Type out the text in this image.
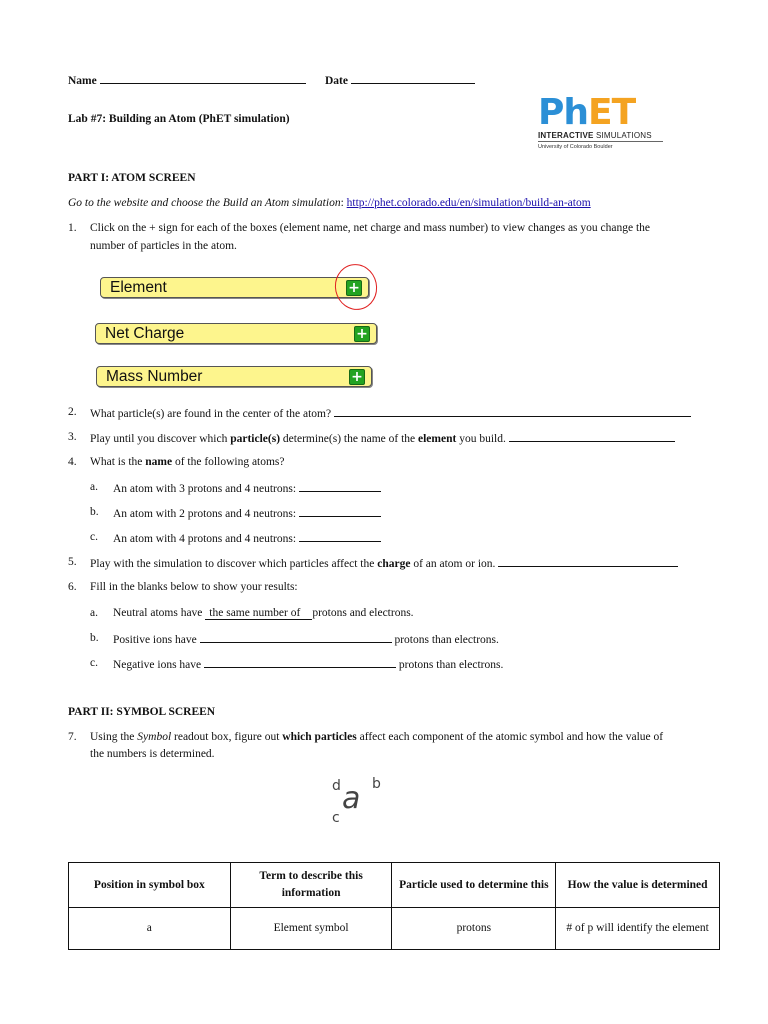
Name	Date
Lab #7: Building an Atom (PhET simulation)	PhET
INTERACTIVE SIMULATIONS
University of Colorado Boulder
PART I: ATOM SCREEN
Go to the website and choose the Build an Atom simulation: http://phet.colorado.edu/en/simulation/build-an-atom
1. Click on the + sign for each of the boxes (element name, net charge and mass number) to view changes as you change the
number of particles in the atom.
Element	+
Net Charge	+
Mass Number	+
2. What particle(s) are found in the center of the atom?
3. Play until you discover which particle(s) determine(s) the name of the element you build.
4. What is the name of the following atoms?
a. An atom with 3 protons and 4 neutrons:
b. An atom with 2 protons and 4 neutrons:
c. An atom with 4 protons and 4 neutrons:
5. Play with the simulation to discover which particles affect the charge of an atom or ion.
6. Fill in the blanks below to show your results:
a. Neutral atoms have the same number of protons and electrons.
b. Positive ions have	protons than electrons.
c. Negative ions have	protons than electrons.
PART II: SYMBOL SCREEN
7. Using the Symbol readout box, figure out which particles affect each component of the atomic symbol and how the value of
the numbers is determined.
d a b
c
Position in symbol box	Term to describe this information	Particle used to determine this	How the value is determined
a	Element symbol	protons	# of p will identify the element
